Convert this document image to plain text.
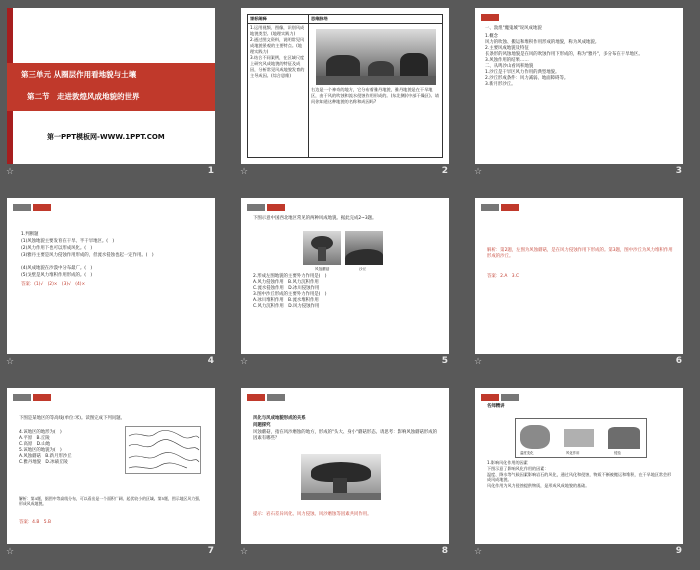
第三单元 从圈层作用看地貌与土壤
第二节　走进敦煌风成地貌的世界
第一PPT模板网-WWW.1PPT.COM
☆	1
课标阐释	思维脉络
1.运用视频、图像，识别风成地貌类型。(地理实践力)
2.通过图文资料，说明常见风成地貌景观的主要特点。(地理实践力)
3.结合不同案例，在区域尺度上研究风成地貌的特征及成因，分析常见风成地貌发育的主导成因。(综合思维)	右边是一个神奇的地方，它分布着雅丹地貌，雅丹地貌是在干旱地区，由于风的吹蚀和流水侵蚀作用形成的。(东北侧)(中部干燥区)。请问你知道这种地貌的名称和成因吗?
☆	2

一、敦煌"魔鬼城"说风成地貌
1.概念
风力的吹蚀、搬运和堆积作用形成的地貌，称为风成地貌。
2.主要风成地貌及特征
长条形的风蚀地貌是在风的吹蚀作用下形成的，称为"雅丹"，多分布在干旱地区。
3.风蚀作用的结果……
二、从鸣沙山看风积地貌
1.沙丘是干旱区风力作用的典型地貌。
2.沙丘形成条件：风力减弱、地面障碍等。
3.新月形沙丘。
☆	3

1.判断题
(1)风蚀地貌主要发育在干旱、半干旱地区。(　)
(2)风力作用下也可以形成风化。(　)
(3)雅丹主要是风力侵蚀作用形成的，但流水侵蚀也起一定作用。(　)
(4)风成地貌在沙漠中分布最广。(　)
(5)戈壁是风力堆积作用形成的。(　)
答案：(1)√　(2)×　(3)√　(4)×
☆	4

下图示意中国西北地区常见的两种风成地貌。据此完成2~3题。
风蚀蘑菇	沙丘
2.形成左图地貌的主要外力作用是(　)
A.风力侵蚀作用　B.风力沉积作用
C.流水侵蚀作用　D.冰川侵蚀作用
3.图中沙丘形成的主要外力作用是(　)
A.冰川堆积作用　B.流水堆积作用
C.风力沉积作用　D.风力侵蚀作用
☆	5

解析：第2题，左图为风蚀蘑菇，是在风力侵蚀作用下形成的。第3题，图中沙丘为风力堆积作用形成的沙丘。
答案：2.A　3.C
☆	6

下图是某地区的等高线(单位:米)。读图完成下列问题。
4.该地区的地形为(　)
A.平原　B.丘陵
C.高原　D.山地
5.该地区的地貌为(　)
A.风蚀蘑菇　B.新月形沙丘
C.雅丹地貌　D.冰碛丘陵
解析：第4题，据图中等高线分布，可以看出是一个面积广阔、起伏较小的区域。第5题，图示地区风力强，形成风成地貌。
答案：4.B　5.B
☆	7

风化与风成地貌形成的关系
问题探究
风蚀蘑菇，指在风沙磨蚀的地方，形成的"头大、身小"蘑菇形态。请思考：影响风蚀蘑菇形成的因素有哪些？
提示：岩石差异风化、风力侵蚀、风沙磨蚀等因素共同作用。
☆	8

名师精讲
温度变化	风化作用	侵蚀
1.影响风化作用的因素
下图示意了影响风化作用的因素：
温度、降水等气候因素影响岩石的风化，通过风化和侵蚀，物质不断被搬运和堆积，在干旱地区常会形成风成地貌。
风化作用为风力侵蚀提供物质，是形成风成地貌的基础。
☆	9
